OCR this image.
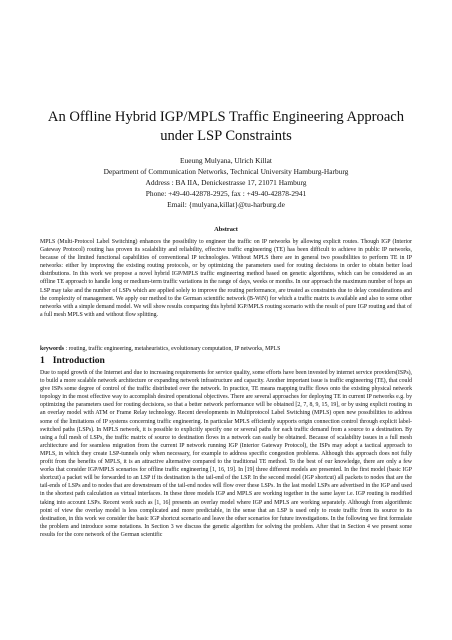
An Offline Hybrid IGP/MPLS Traffic Engineering Approach under LSP Constraints
Eueung Mulyana, Ulrich Killat
Department of Communication Networks, Technical University Hamburg-Harburg
Address : BA IIA, Denickestrasse 17, 21071 Hamburg
Phone: +49-40-42878-2925, fax : +49-40-42878-2941
Email: {mulyana,killat}@tu-harburg.de
Abstract

MPLS (Multi-Protocol Label Switching) enhances the possibility to engineer the traffic on IP networks by allowing explicit routes. Though IGP (Interior Gateway Protocol) routing has proven its scalability and reliability, effective traffic engineering (TE) has been difficult to achieve in public IP networks, because of the limited functional capabilities of conventional IP technologies. Without MPLS there are in general two possibilities to perform TE in IP networks: either by improving the existing routing protocols, or by optimizing the parameters used for routing decisions in order to obtain better load distributions. In this work we propose a novel hybrid IGP/MPLS traffic engineering method based on genetic algorithms, which can be considered as an offline TE approach to handle long or medium-term traffic variations in the range of days, weeks or months. In our approach the maximum number of hops an LSP may take and the number of LSPs which are applied solely to improve the routing performance, are treated as constraints due to delay considerations and the complexity of management. We apply our method to the German scientific network (B-WiN) for which a traffic matrix is available and also to some other networks with a simple demand model. We will show results comparing this hybrid IGP/MPLS routing scenario with the result of pure IGP routing and that of a full mesh MPLS with and without flow splitting.

keywords : routing, traffic engineering, metaheuristics, evolutionary computation, IP networks, MPLS
1 Introduction

Due to rapid growth of the Internet and due to increasing requirements for service quality, some efforts have been invested by internet service providers(ISPs), to build a more scalable network architecture or expanding network infrastructure and capacity. Another important issue is traffic engineering (TE), that could give ISPs some degree of control of the traffic distributed over the network. In practice, TE means mapping traffic flows onto the existing physical network topology in the most effective way to accomplish desired operational objectives. There are several approaches for deploying TE in current IP networks e.g. by optimizing the parameters used for routing decisions, so that a better network performance will be obtained [2, 7, 8, 9, 15, 19], or by using explicit routing in an overlay model with ATM or Frame Relay technology. Recent developments in Multiprotocol Label Switching (MPLS) open new possibilities to address some of the limitations of IP systems concerning traffic engineering. In particular MPLS efficiently supports origin connection control through explicit label-switched paths (LSPs). In MPLS network, it is possible to explicitly specify one or several paths for each traffic demand from a source to a destination. By using a full mesh of LSPs, the traffic matrix of source to destination flows in a network can easily be obtained. Because of scalability issues in a full mesh architecture and for seamless migration from the current IP network running IGP (Interior Gateway Protocol), the ISPs may adopt a tactical approach to MPLS, in which they create LSP-tunnels only when necessary, for example to address specific congestion problems. Although this approach does not fully profit from the benefits of MPLS, it is an attractive alternative compared to the traditional TE method. To the best of our knowledge, there are only a few works that consider IGP/MPLS scenarios for offline traffic engineering [1, 16, 19]. In [19] three different models are presented. In the first model (basic IGP shortcut) a packet will be forwarded to an LSP if its destination is the tail-end of the LSP. In the second model (IGP shortcut) all packets to nodes that are the tail-ends of LSPs and to nodes that are downstream of the tail-end nodes will flow over these LSPs. In the last model LSPs are advertised in the IGP and used in the shortest path calculation as virtual interfaces. In these three models IGP and MPLS are working together in the same layer i.e. IGP routing is modified taking into account LSPs. Recent work such as [1, 16] presents an overlay model where IGP and MPLS are working separately. Although from algorithmic point of view the overlay model is less complicated and more predictable, in the sense that an LSP is used only to route traffic from its source to its destination, in this work we consider the basic IGP shortcut scenario and leave the other scenarios for future investigations. In the following we first formulate the problem and introduce some notations. In Section 3 we discuss the genetic algorithm for solving the problem. After that in Section 4 we present some results for the core network of the German scientific
